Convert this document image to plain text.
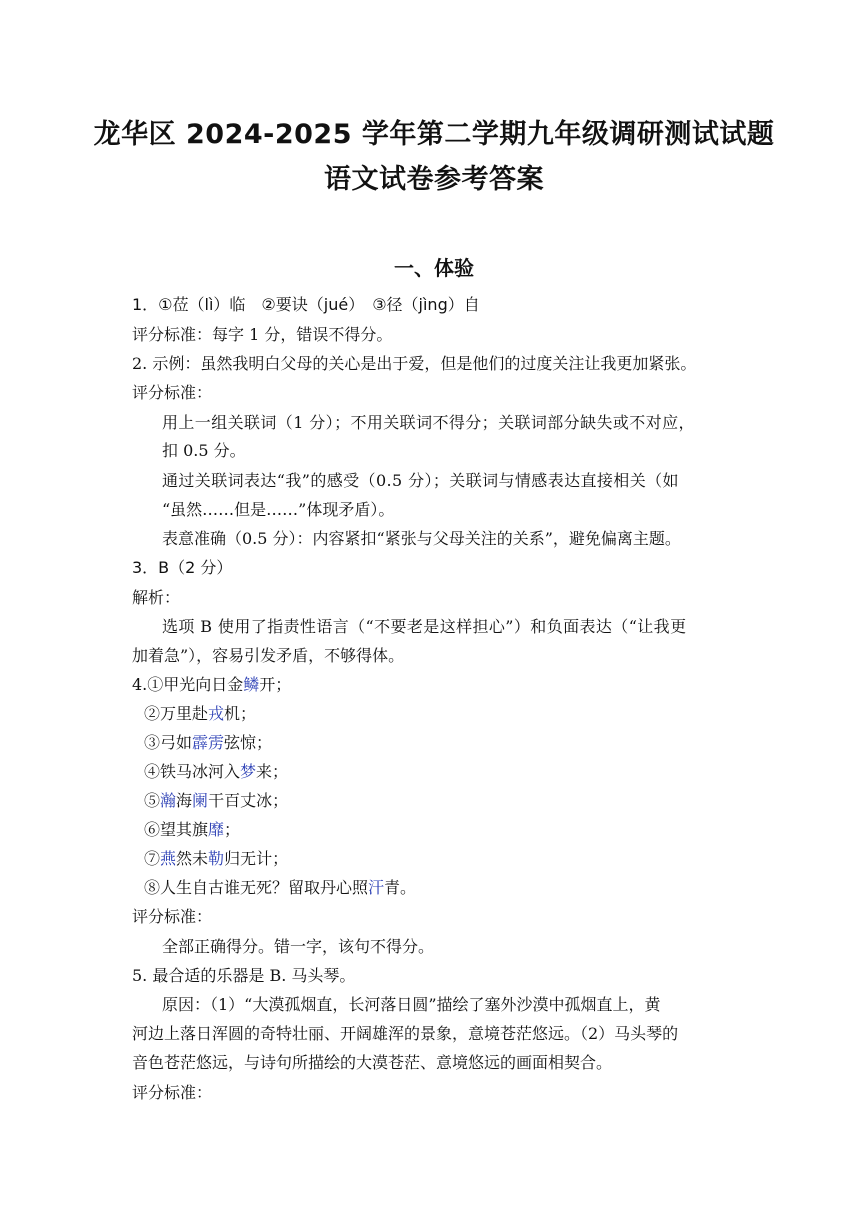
龙华区 2024-2025 学年第二学期九年级调研测试试题
语文试卷参考答案
一、体验
1．①莅（lì）临　②要诀（jué）　③径（jìng）自
评分标准：每字 1 分，错误不得分。
2. 示例：虽然我明白父母的关心是出于爱，但是他们的过度关注让我更加紧张。
评分标准：
用上一组关联词（1 分）；不用关联词不得分；关联词部分缺失或不对应，
扣 0.5 分。
通过关联词表达“我”的感受（0.5 分）；关联词与情感表达直接相关（如
“虽然……但是……”体现矛盾）。
表意准确（0.5 分）：内容紧扣“紧张与父母关注的关系”，避免偏离主题。
3．B（2 分）
解析：
选项 B 使用了指责性语言（“不要老是这样担心”）和负面表达（“让我更
加着急”），容易引发矛盾，不够得体。
4.①甲光向日金鳞开；
②万里赴戎机；
③弓如霹雳弦惊；
④铁马冰河入梦来；
⑤瀚海阑干百丈冰；
⑥望其旗靡；
⑦燕然未勒归无计；
⑧人生自古谁无死？留取丹心照汗青。
评分标准：
全部正确得分。错一字，该句不得分。
5. 最合适的乐器是 B. 马头琴。
原因：（1）“大漠孤烟直，长河落日圆”描绘了塞外沙漠中孤烟直上，黄
河边上落日浑圆的奇特壮丽、开阔雄浑的景象，意境苍茫悠远。（2）马头琴的
音色苍茫悠远，与诗句所描绘的大漠苍茫、意境悠远的画面相契合。
评分标准：
